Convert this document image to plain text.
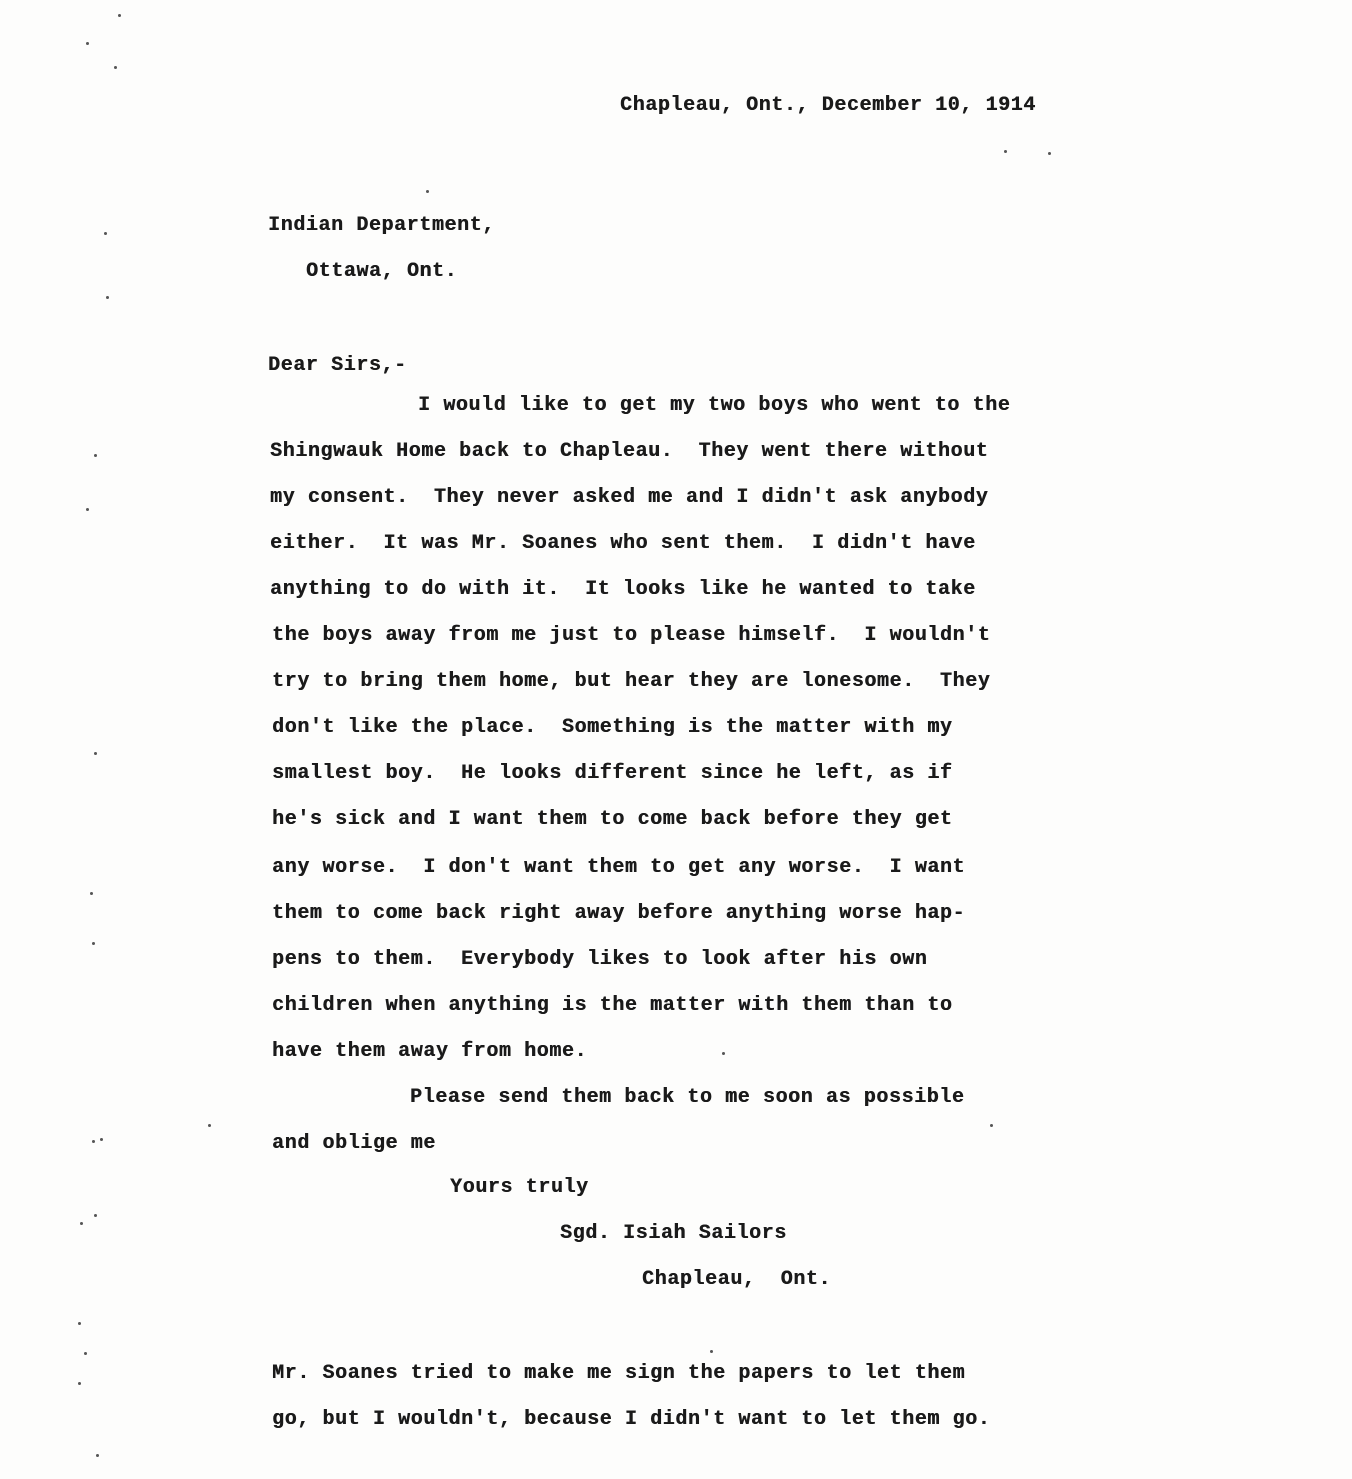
Chapleau, Ont., December 10, 1914
Indian Department,
Ottawa, Ont.
Dear Sirs,-
I would like to get my two boys who went to the
Shingwauk Home back to Chapleau.  They went there without
my consent.  They never asked me and I didn't ask anybody
either.  It was Mr. Soanes who sent them.  I didn't have
anything to do with it.  It looks like he wanted to take
the boys away from me just to please himself.  I wouldn't
try to bring them home, but hear they are lonesome.  They
don't like the place.  Something is the matter with my
smallest boy.  He looks different since he left, as if
he's sick and I want them to come back before they get
any worse.  I don't want them to get any worse.  I want
them to come back right away before anything worse hap-
pens to them.  Everybody likes to look after his own
children when anything is the matter with them than to
have them away from home.
Please send them back to me soon as possible
and oblige me
Yours truly
Sgd. Isiah Sailors
Chapleau,  Ont.
Mr. Soanes tried to make me sign the papers to let them
go, but I wouldn't, because I didn't want to let them go.
